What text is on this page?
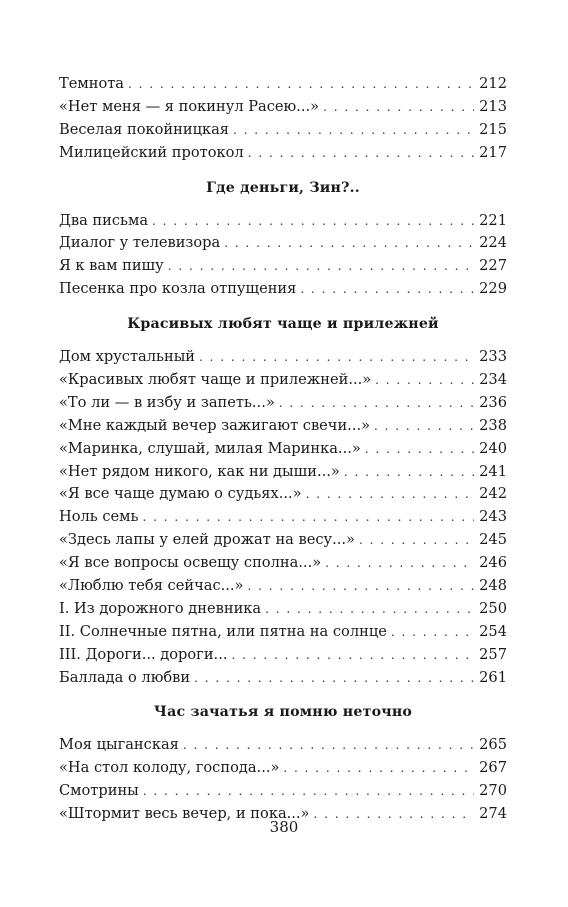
Темнота . . .	212
«Нет меня — я покинул Расею...» . . .	213
Веселая покойницкая . . .	215
Милицейский протокол . . .	217
Где деньги, Зин?..
Два письма . . .	221
Диалог у телевизора . . .	224
Я к вам пишу . . .	227
Песенка про козла отпущения . . .	229
Красивых любят чаще и прилежней
Дом хрустальный . . .	233
«Красивых любят чаще и прилежней...» . . .	234
«То ли — в избу и запеть...» . . .	236
«Мне каждый вечер зажигают свечи...» . . .	238
«Маринка, слушай, милая Маринка...» . . .	240
«Нет рядом никого, как ни дыши...» . . .	241
«Я все чаще думаю о судьях...» . . .	242
Ноль семь . . .	243
«Здесь лапы у елей дрожат на весу...» . . .	245
«Я все вопросы освещу сполна...» . . .	246
«Люблю тебя сейчас...» . . .	248
I. Из дорожного дневника . . .	250
II. Солнечные пятна, или пятна на солнце . . .	254
III. Дороги... дороги... . . .	257
Баллада о любви . . .	261
Час зачатья я помню неточно
Моя цыганская . . .	265
«На стол колоду, господа...» . . .	267
Смотрины . . .	270
«Штормит весь вечер, и пока...» . . .	274
380
